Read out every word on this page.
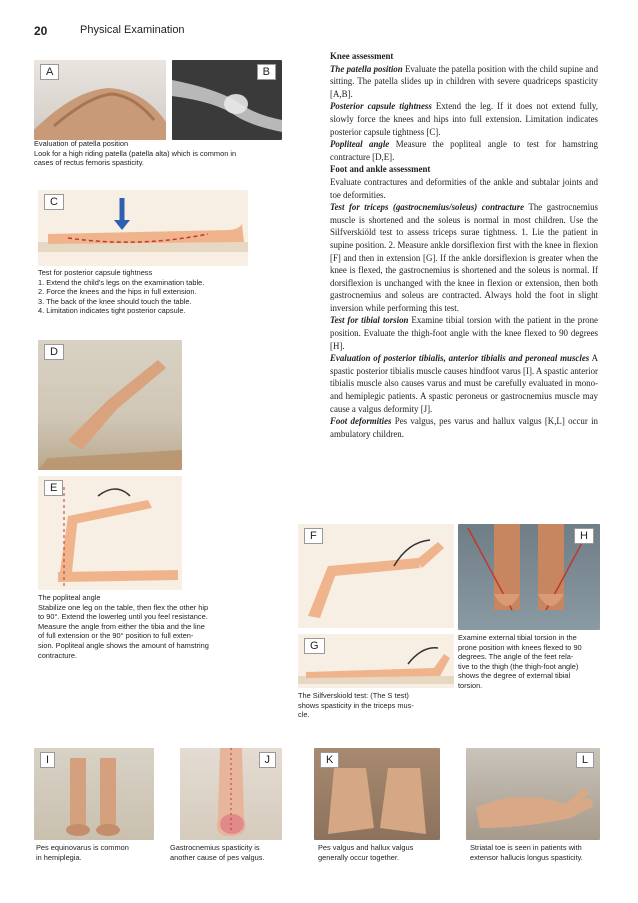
20	Physical Examination
A	B
Evaluation of patella position
Look for a high riding patella (patella alta) which is common in
cases of rectus femoris spasticity.
C
Test for posterior capsule tightness
1. Extend the child’s legs on the examination table.
2. Force the knees and the hips in full extension.
3. The back of the knee should touch the table.
4. Limitation indicates tight posterior capsule.
D
E
The popliteal angle
Stabilize one leg on the table, then flex the other hip
to 90°. Extend the lowerleg until you feel resistance.
Measure the angle from either the tibia and the line
of full extension or the 90° position to full exten-
sion. Popliteal angle shows the amount of hamstring
contracture.

Knee assessment

The patella position Evaluate the patella position with the child supine and sitting. The patella slides up in children with severe quadriceps spasticity [A,B].

Posterior capsule tightness Extend the leg. If it does not extend fully, slowly force the knees and hips into full extension. Limitation indicates posterior capsule tightness [C].

Popliteal angle Measure the popliteal angle to test for hamstring contracture [D,E].

Foot and ankle assessment

Evaluate contractures and deformities of the ankle and subtalar joints and toe deformities.

Test for triceps (gastrocnemius/soleus) contracture The gastrocnemius muscle is shortened and the soleus is normal in most children. Use the Silfverskiöld test to assess triceps surae tightness. 1. Lie the patient in supine position. 2. Measure ankle dorsiflexion first with the knee in flexion [F] and then in extension [G]. If the ankle dorsiflexion is greater when the knee is flexed, the gastrocnemius is shortened and the soleus is normal. If dorsiflexion is unchanged with the knee in flexion or extension, then both gastrocnemius and soleus are contracted. Always hold the foot in slight inversion while performing this test.

Test for tibial torsion Examine tibial torsion with the patient in the prone position. Evaluate the thigh-foot angle with the knee flexed to 90 degrees [H].

Evaluation of posterior tibialis, anterior tibialis and peroneal muscles A spastic posterior tibialis muscle causes hindfoot varus [I]. A spastic anterior tibialis muscle also causes varus and must be carefully evaluated in mono- and hemiplegic patients. A spastic peroneus or gastrocnemius muscle may cause a valgus deformity [J].

Foot deformities Pes valgus, pes varus and hallux valgus [K,L] occur in ambulatory children.

F
G
The Silfverskiold test: (The S test)
shows spasticity in the triceps mus-
cle.
H
Examine external tibial torsion in the
prone position with knees flexed to 90
degrees. The angle of the feet rela-
tive to the thigh (the thigh-foot angle)
shows the degree of external tibial
torsion.
I	J	K	L
Pes equinovarus is common
in hemiplegia.
Gastrocnemius spasticity is
another cause of pes valgus.
Pes valgus and hallux valgus
generally occur together.
Striatal toe is seen in patients with
extensor hallucis longus spasticity.
